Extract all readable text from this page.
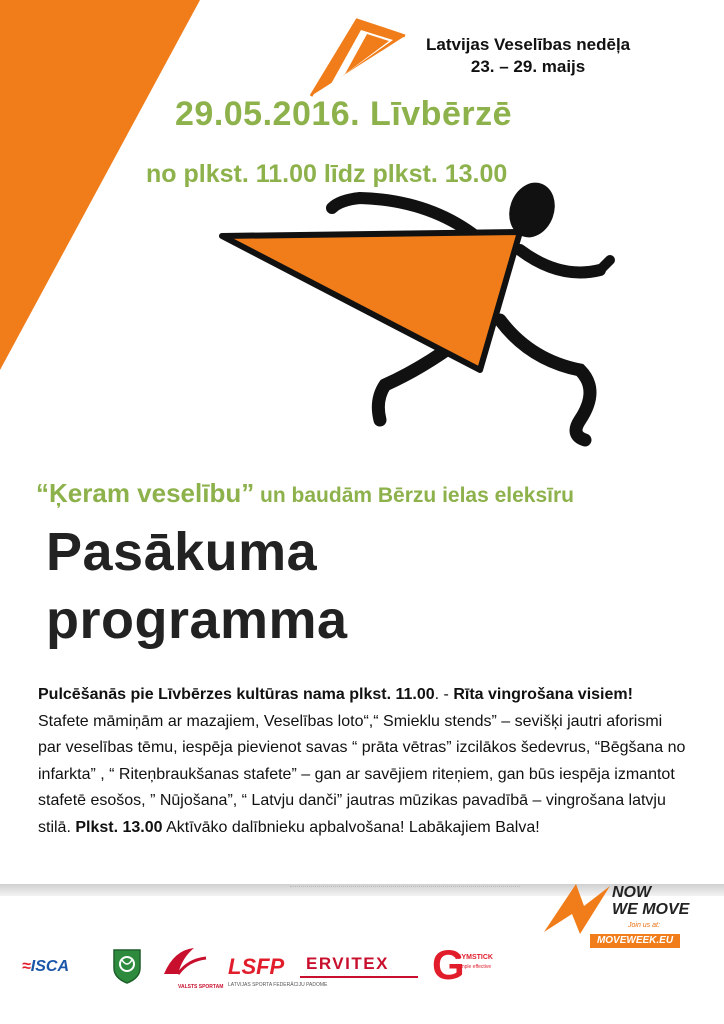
Latvijas Veselības nedēļa
23. – 29. maijs
29.05.2016. Līvbērzē
no plkst. 11.00 līdz plkst. 13.00
“Ķeram veselību” un baudām Bērzu ielas eleksīru
Pasākuma
programma

Pulcēšanās pie Līvbērzes kultūras nama plkst. 11.00. - Rīta vingrošana visiem! Stafete māmiņām ar mazajiem, Veselības loto“,“ Smieklu stends” – sevišķi jautri aforismi par veselības tēmu, iespēja pievienot savas “ prāta vētras” izcilākos šedevrus, “Bēgšana no infarkta” , “ Riteņbraukšanas stafete” – gan ar savējiem riteņiem, gan būs iespēja izmantot stafetē esošos, ” Nūjošana”, “ Latvju danči” jautras mūzikas pavadībā – vingrošana latvju stilā. Plkst. 13.00 Aktīvāko dalībnieku apbalvošana! Labākajiem Balva!

NOW
WE MOVE
Join us at:
MOVEWEEK.EU
≈ISCA
VALSTS SPORTAM
LSFP
LATVIJAS SPORTA FEDERĀCIJU PADOME
ERVITEX G
GYMSTICK
Simple effective
